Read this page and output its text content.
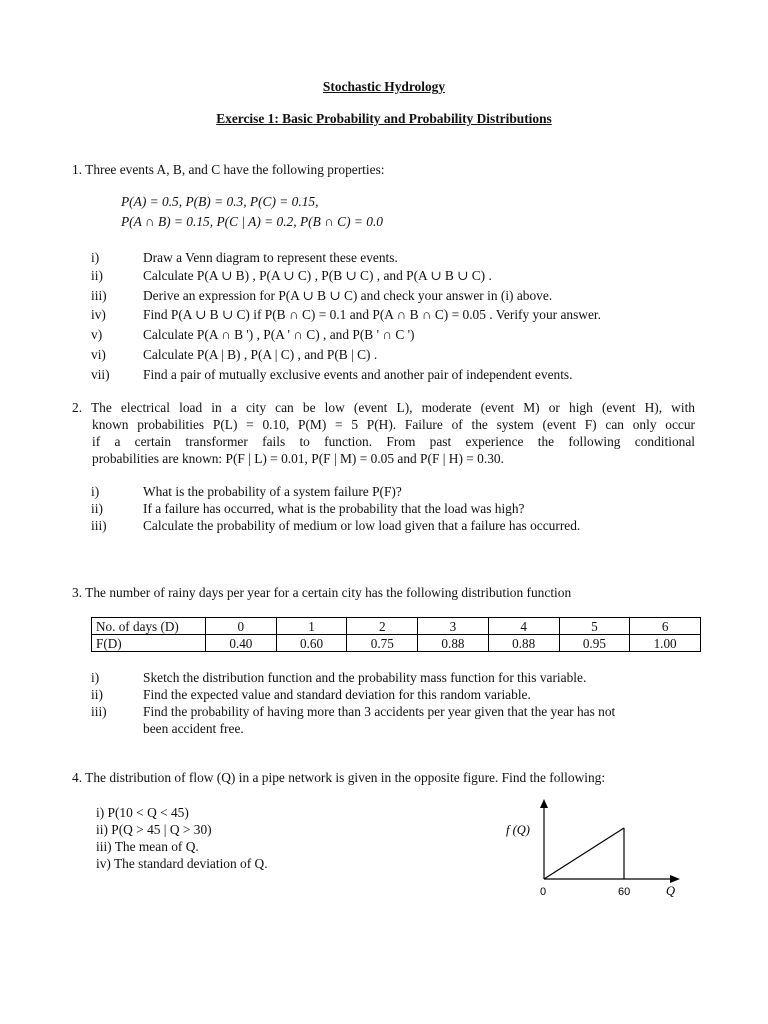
Stochastic Hydrology
Exercise 1: Basic Probability and Probability Distributions
1. Three events A, B, and C have the following properties:
P(A) = 0.5, P(B) = 0.3, P(C) = 0.15,
P(A ∩ B) = 0.15, P(C | A) = 0.2, P(B ∩ C) = 0.0
i)	Draw a Venn diagram to represent these events.
ii)	Calculate P(A ∪ B) , P(A ∪ C) , P(B ∪ C) , and P(A ∪ B ∪ C) .
iii)	Derive an expression for P(A ∪ B ∪ C) and check your answer in (i) above.
iv)	Find P(A ∪ B ∪ C) if P(B ∩ C) = 0.1 and P(A ∩ B ∩ C) = 0.05 . Verify your answer.
v)	Calculate P(A ∩ B ') , P(A ' ∩ C) , and P(B ' ∩ C ')
vi)	Calculate P(A | B) , P(A | C) , and P(B | C) .
vii) Find a pair of mutually exclusive events and another pair of independent events.
2. The electrical load in a city can be low (event L), moderate (event M) or high (event H), with
known probabilities P(L) = 0.10, P(M) = 5 P(H). Failure of the system (event F) can only occur
if a certain transformer fails to function. From past experience the following conditional
probabilities are known: P(F | L) = 0.01, P(F | M) = 0.05 and P(F | H) = 0.30.
i)	What is the probability of a system failure P(F)?
ii)	If a failure has occurred, what is the probability that the load was high?
iii)	Calculate the probability of medium or low load given that a failure has occurred.
3. The number of rainy days per year for a certain city has the following distribution function
No. of days (D)	0	1	2	3	4	5	6
F(D)	0.40	0.60	0.75	0.88	0.88	0.95	1.00
i)	Sketch the distribution function and the probability mass function for this variable.
ii)	Find the expected value and standard deviation for this random variable.
iii)	Find the probability of having more than 3 accidents per year given that the year has not
been accident free.
4. The distribution of flow (Q) in a pipe network is given in the opposite figure. Find the following:
i) P(10 < Q < 45)
ii) P(Q > 45 | Q > 30)
iii) The mean of Q.
iv) The standard deviation of Q.
f (Q)
0	60	Q
